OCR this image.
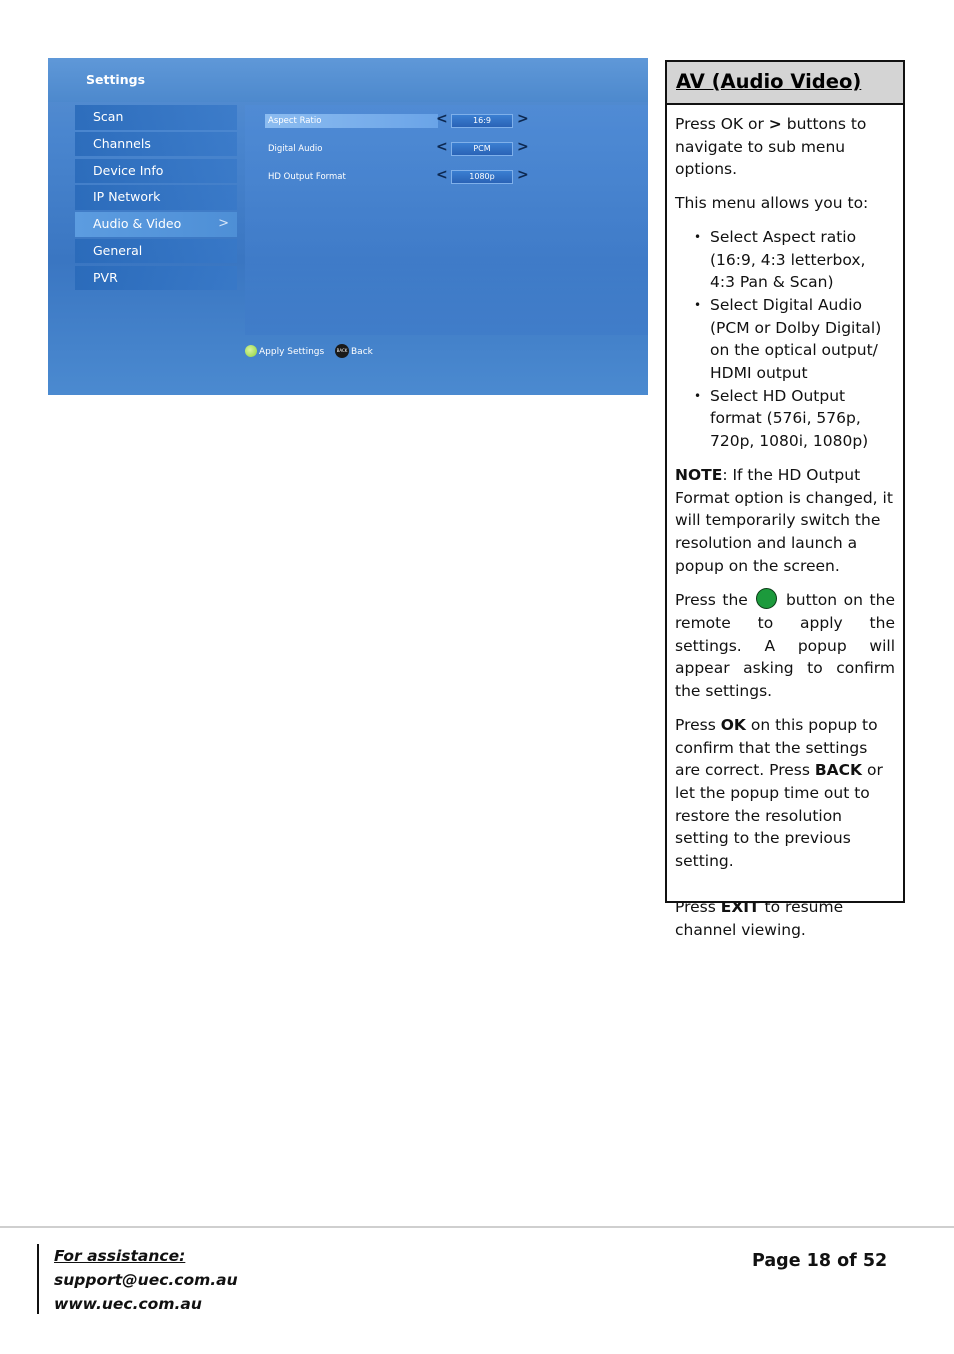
Settings
Scan
Channels
Device Info
IP Network
Audio & Video	>
General
PVR
Aspect Ratio	<	16:9	>
Digital Audio	<	PCM	>
HD Output Format	<	1080p	>
Apply Settings	BACK Back
AV (Audio Video)

Press OK or > buttons to navigate to sub menu options.

This menu allows you to:

• Select Aspect ratio (16:9, 4:3 letterbox, 4:3 Pan & Scan)
• Select Digital Audio (PCM or Dolby Digital) on the optical output/ HDMI output
• Select HD Output format (576i, 576p, 720p, 1080i, 1080p)

NOTE: If the HD Output Format option is changed, it will temporarily switch the resolution and launch a popup on the screen.

Press the  button on the remote to apply the settings. A popup will appear asking to confirm the settings.

Press OK on this popup to confirm that the settings are correct. Press BACK or let the popup time out to restore the resolution setting to the previous setting.

Press EXIT to resume channel viewing.

For assistance:
support@uec.com.au
www.uec.com.au
Page 18 of 52
